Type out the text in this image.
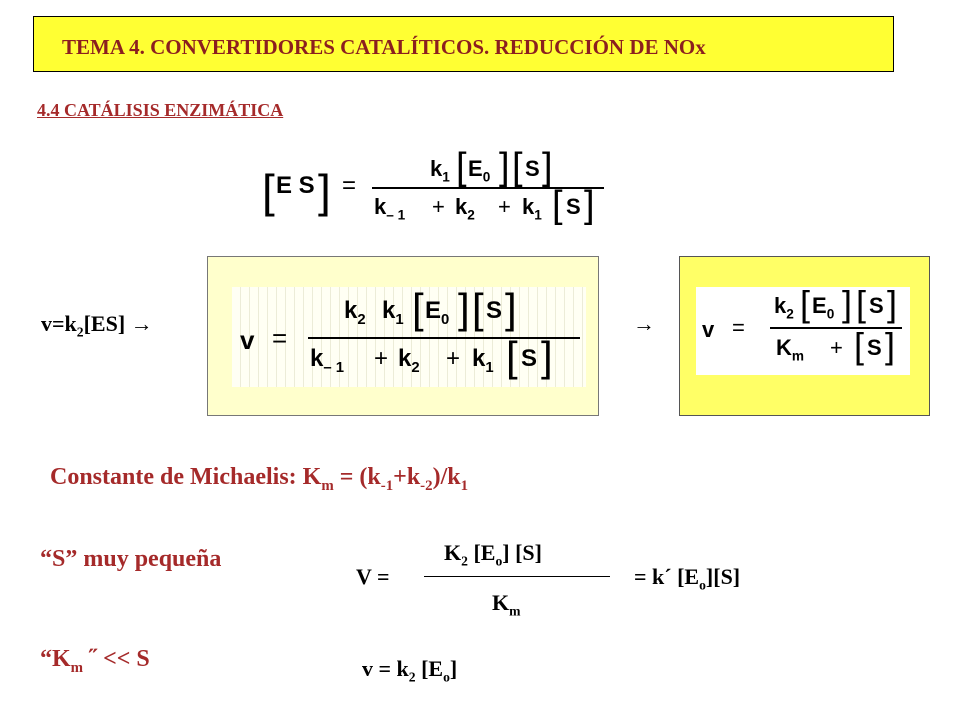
TEMA 4. CONVERTIDORES CATALÍTICOS. REDUCCIÓN DE NOx
4.4 CATÁLISIS ENZIMÁTICA
[ E S ] =
$k_1$ [ $E_0$ ] [ S ]
$k_{- 1} + k_2 + k_1$ [ S ]
$v=k_2[ES]$ →
v =
$k_2$ $k_1$ [ $E_0$ ] [ S ]
$k_{- 1} + k_2 + k_1$ [ S ]
→ v =
$k_2$ [ $E_0$ ] [ S ]
$K_m$ + [ S ]
Constante de Michaelis: $K_m = (k_{-1}+k_{-2})/k_1$
“S” muy pequeña
V =
$K_2$ $[E_o]$ [S]
$K_m$
= k´ $[E_o][S]$
“$K_m$ ˝ << S	$v = k_2$ $[E_o]$
